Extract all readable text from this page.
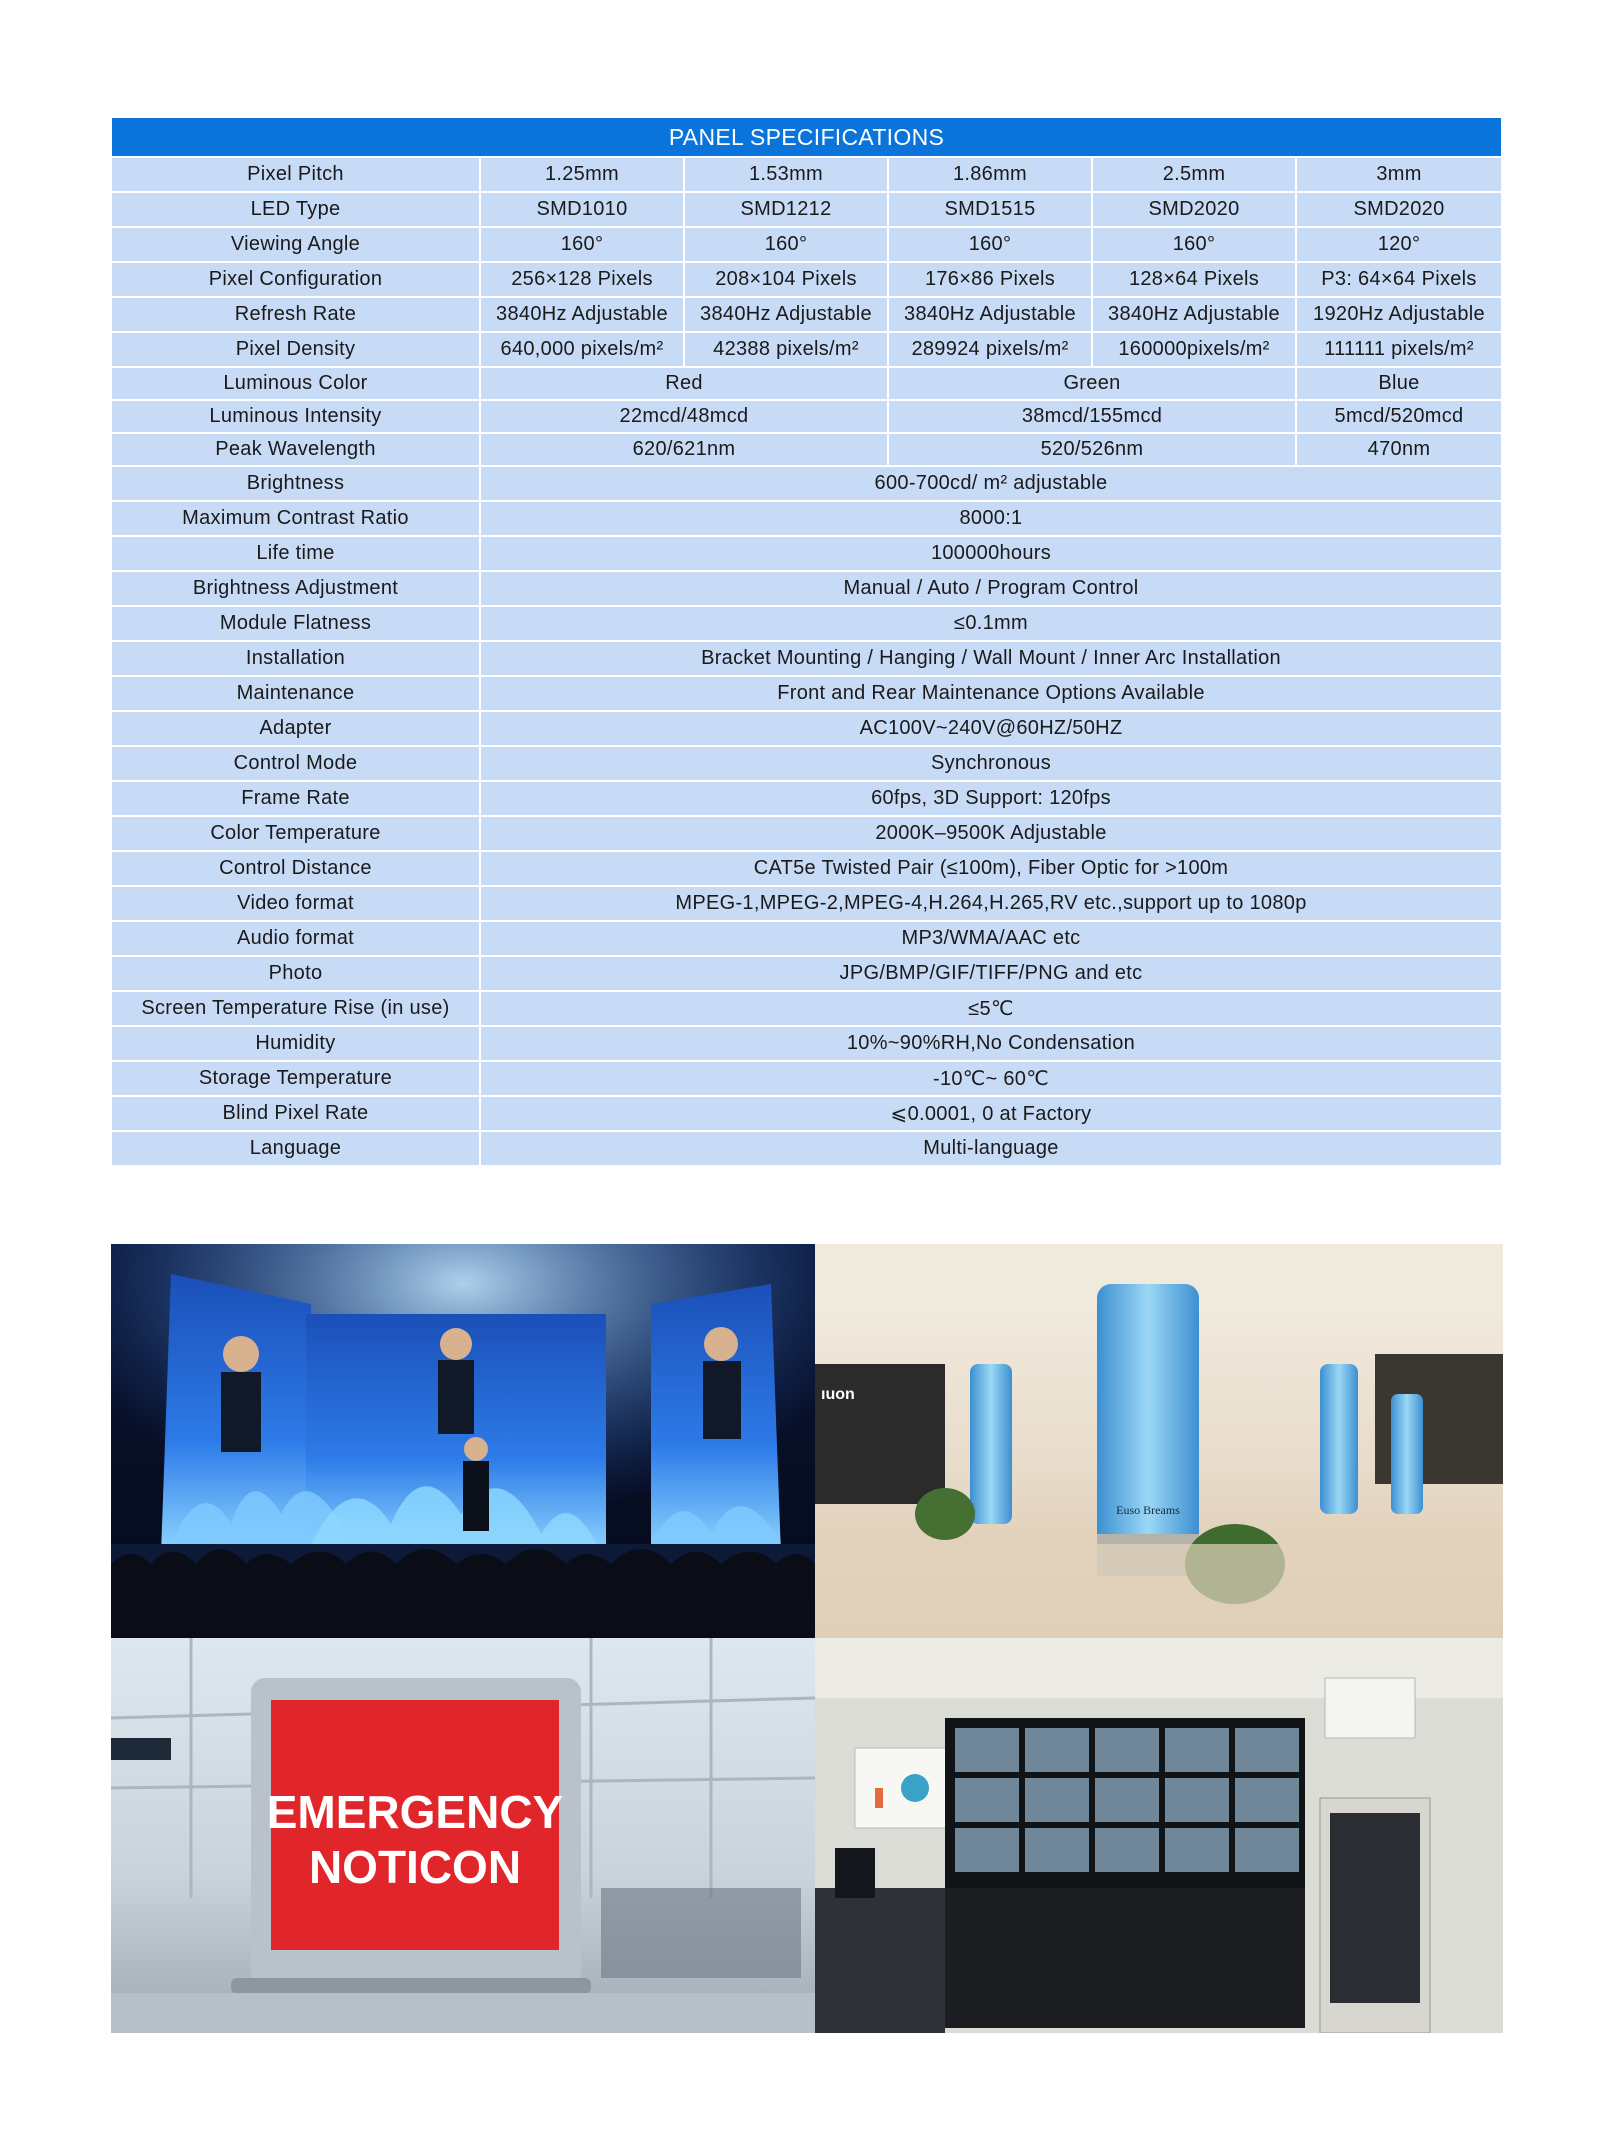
PANEL SPECIFICATIONS					
Pixel Pitch	1.25mm	1.53mm	1.86mm	2.5mm	3mm
LED Type	SMD1010	SMD1212	SMD1515	SMD2020	SMD2020
Viewing Angle	160°	160°	160°	160°	120°
Pixel Configuration	256×128 Pixels	208×104 Pixels	176×86 Pixels	128×64 Pixels	P3: 64×64 Pixels
Refresh Rate	3840Hz Adjustable	3840Hz Adjustable	3840Hz Adjustable	3840Hz Adjustable	1920Hz Adjustable
Pixel Density	640,000 pixels/m²	42388 pixels/m²	289924 pixels/m²	160000pixels/m²	111111 pixels/m²
Luminous Color	Red		Green		Blue
Luminous Intensity	22mcd/48mcd		38mcd/155mcd		5mcd/520mcd
Peak Wavelength	620/621nm		520/526nm		470nm
Brightness	600-700cd/ m² adjustable				
Maximum Contrast Ratio	8000:1				
Life time	100000hours				
Brightness Adjustment	Manual / Auto / Program Control				
Module Flatness	≤0.1mm				
Installation	Bracket Mounting / Hanging / Wall Mount / Inner Arc Installation				
Maintenance	Front and Rear Maintenance Options Available				
Adapter	AC100V~240V@60HZ/50HZ				
Control Mode	Synchronous				
Frame Rate	60fps, 3D Support: 120fps				
Color Temperature	2000K–9500K Adjustable				
Control Distance	CAT5e Twisted Pair (≤100m), Fiber Optic for >100m				
Video format	MPEG-1,MPEG-2,MPEG-4,H.264,H.265,RV etc.,support up to 1080p				
Audio format	MP3/WMA/AAC etc				
Photo	JPG/BMP/GIF/TIFF/PNG and etc				
Screen Temperature Rise (in use)	≤5℃				
Humidity	10%~90%RH,No Condensation				
Storage Temperature	-10℃~ 60℃				
Blind Pixel Rate	⩽0.0001, 0 at Factory				
Language	Multi-language				
ıuon
Euso Breams
EMERGENCY
NOTICON
